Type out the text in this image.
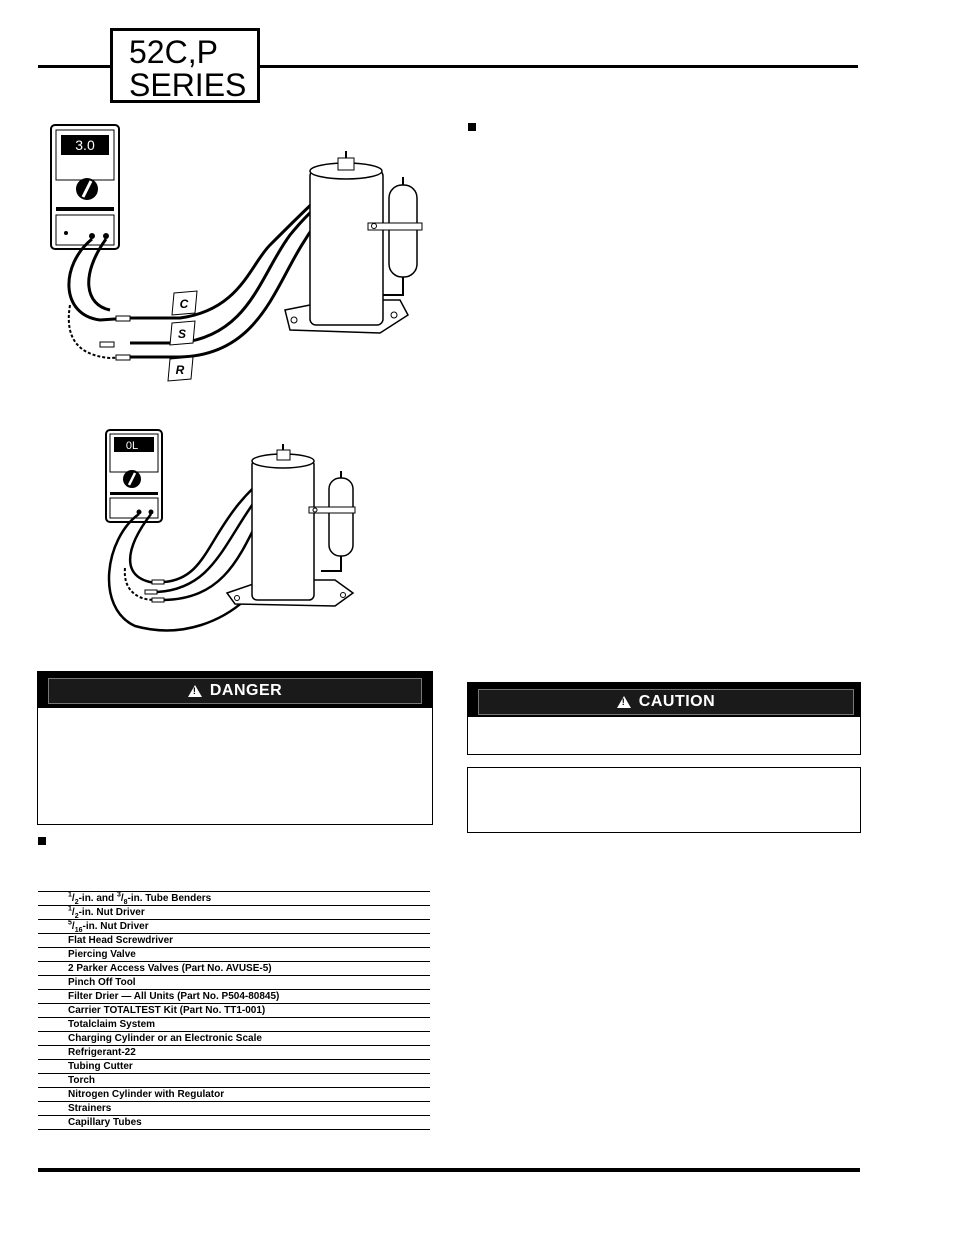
52C,P
SERIES
3.0
C
S
R
0L
!
DANGER
!
CAUTION
$^1/_2-in$. and $^3/_8-in$. Tube Benders
$^1/_2-in$. Nut Driver
$^5/_{16}-in$. Nut Driver
Flat Head Screwdriver
Piercing Valve
2 Parker Access Valves (Part No. AVUSE-5)
Pinch Off Tool
Filter Drier — All Units (Part No. P504-80845)
Carrier TOTALTEST Kit (Part No. TT1-001)
Totalclaim System
Charging Cylinder or an Electronic Scale
Refrigerant-22
Tubing Cutter
Torch
Nitrogen Cylinder with Regulator
Strainers
Capillary Tubes
